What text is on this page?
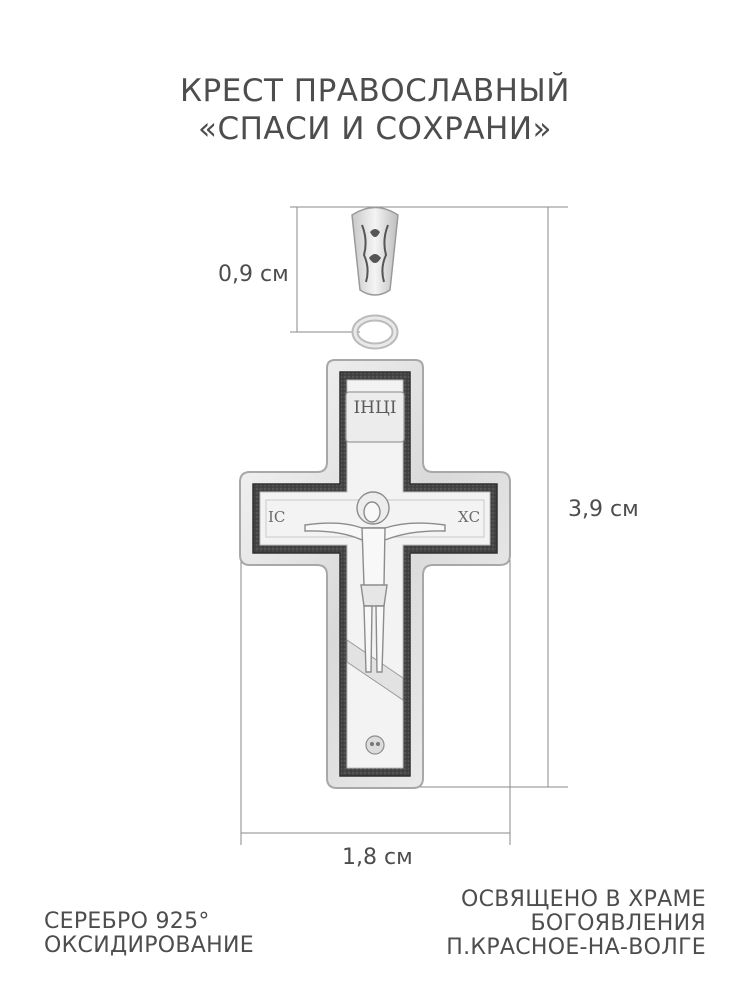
КРЕСТ ПРАВОСЛАВНЫЙ
«СПАСИ И СОХРАНИ»
ІНЦІ
ІС	ХС
0,9 см
3,9 см
1,8 см
СЕРЕБРО 925°
ОКСИДИРОВАНИЕ
ОСВЯЩЕНО В ХРАМЕ
БОГОЯВЛЕНИЯ
П.КРАСНОЕ-НА-ВОЛГЕ
